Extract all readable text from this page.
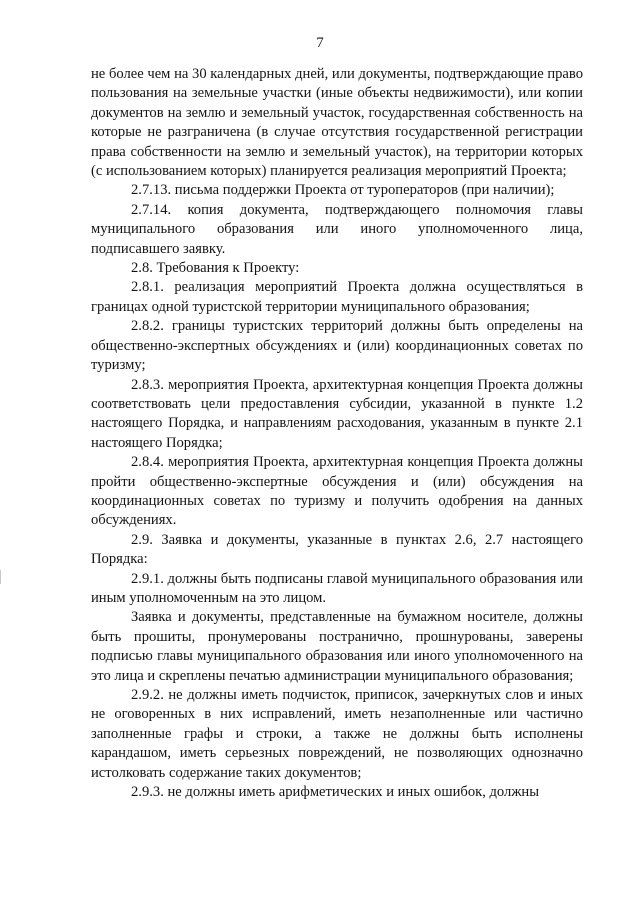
7

не более чем на 30 календарных дней, или документы, подтверждающие право пользования на земельные участки (иные объекты недвижимости), или копии документов на землю и земельный участок, государственная собственность на которые не разграничена (в случае отсутствия государственной регистрации права собственности на землю и земельный участок), на территории которых (с использованием которых) планируется реализация мероприятий Проекта;

2.7.13. письма поддержки Проекта от туроператоров (при наличии);

2.7.14. копия документа, подтверждающего полномочия главы муниципального образования или иного уполномоченного лица, подписавшего заявку.

2.8. Требования к Проекту:

2.8.1. реализация мероприятий Проекта должна осуществляться в границах одной туристской территории муниципального образования;

2.8.2. границы туристских территорий должны быть определены на общественно-экспертных обсуждениях и (или) координационных советах по туризму;

2.8.3. мероприятия Проекта, архитектурная концепция Проекта должны соответствовать цели предоставления субсидии, указанной в пункте 1.2 настоящего Порядка, и направлениям расходования, указанным в пункте 2.1 настоящего Порядка;

2.8.4. мероприятия Проекта, архитектурная концепция Проекта должны пройти общественно-экспертные обсуждения и (или) обсуждения на координационных советах по туризму и получить одобрения на данных обсуждениях.

2.9. Заявка и документы, указанные в пунктах 2.6, 2.7 настоящего Порядка:

2.9.1. должны быть подписаны главой муниципального образования или иным уполномоченным на это лицом.

Заявка и документы, представленные на бумажном носителе, должны быть прошиты, пронумерованы постранично, прошнурованы, заверены подписью главы муниципального образования или иного уполномоченного на это лица и скреплены печатью администрации муниципального образования;

2.9.2. не должны иметь подчисток, приписок, зачеркнутых слов и иных не оговоренных в них исправлений, иметь незаполненные или частично заполненные графы и строки, а также не должны быть исполнены карандашом, иметь серьезных повреждений, не позволяющих однозначно истолковать содержание таких документов;

2.9.3. не должны иметь арифметических и иных ошибок, должны
